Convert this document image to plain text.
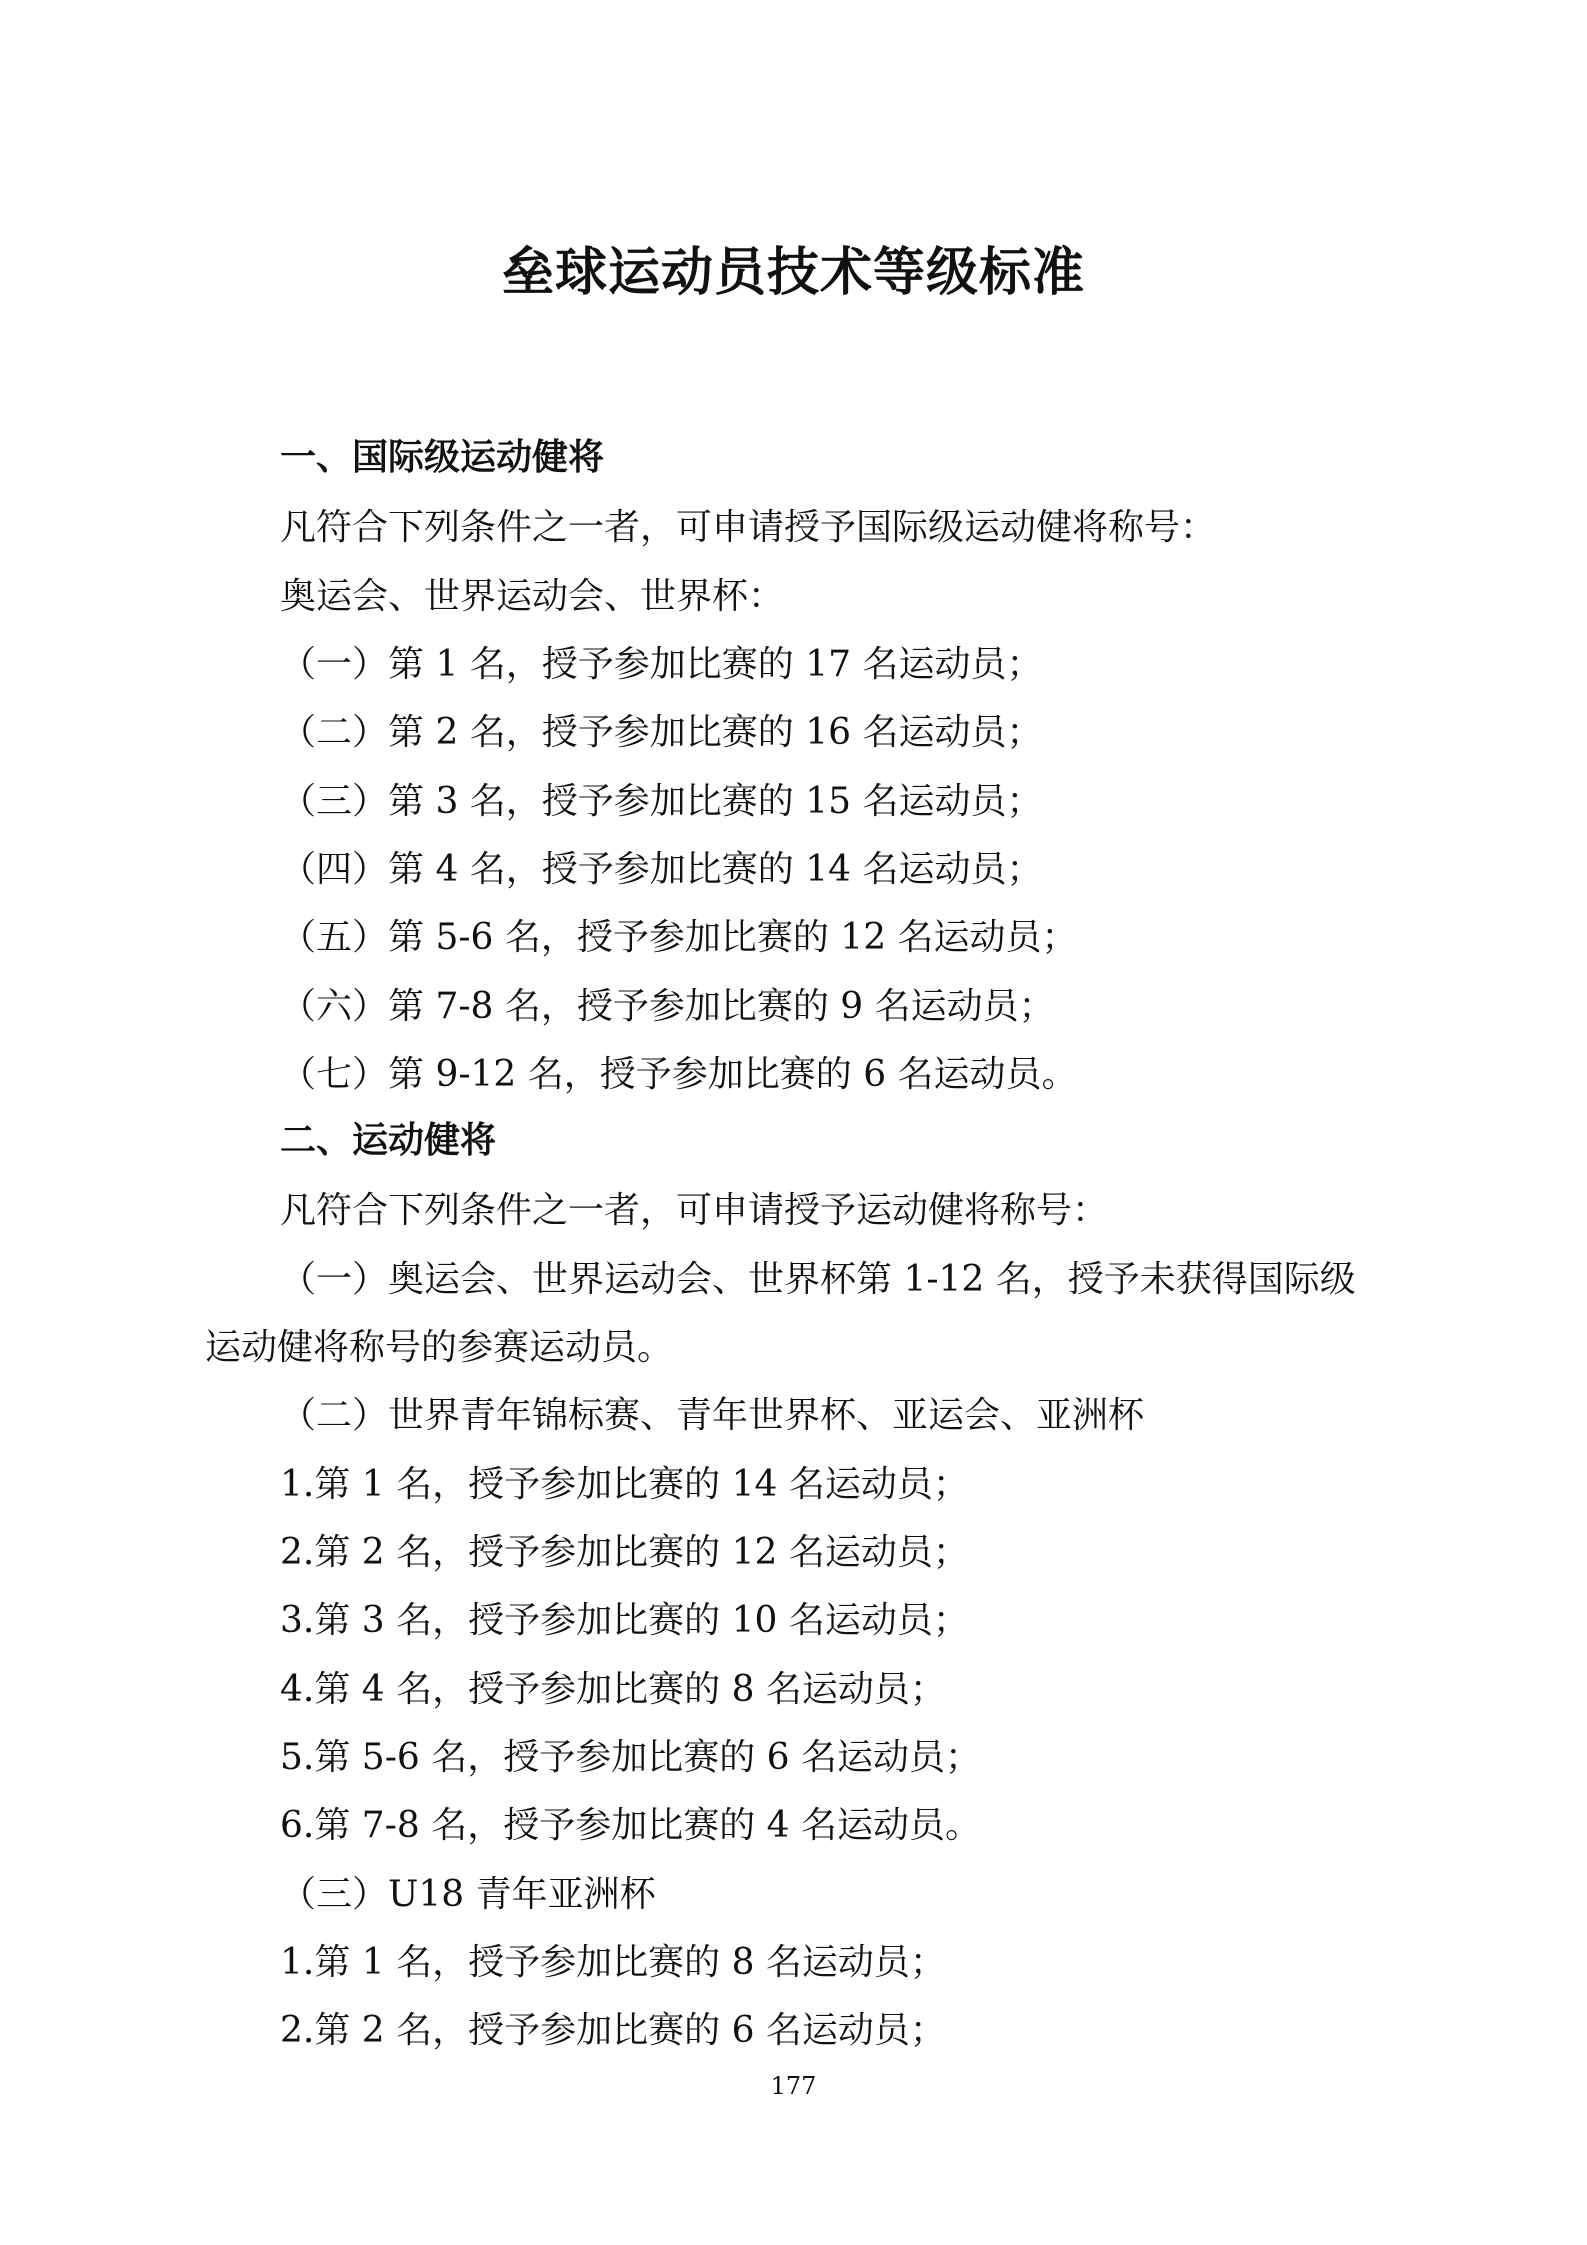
垒球运动员技术等级标准
一、国际级运动健将
凡符合下列条件之一者，可申请授予国际级运动健将称号：
奥运会、世界运动会、世界杯：
（一）第 1 名，授予参加比赛的 17 名运动员；
（二）第 2 名，授予参加比赛的 16 名运动员；
（三）第 3 名，授予参加比赛的 15 名运动员；
（四）第 4 名，授予参加比赛的 14 名运动员；
（五）第 5-6 名，授予参加比赛的 12 名运动员；
（六）第 7-8 名，授予参加比赛的 9 名运动员；
（七）第 9-12 名，授予参加比赛的 6 名运动员。
二、运动健将
凡符合下列条件之一者，可申请授予运动健将称号：
（一）奥运会、世界运动会、世界杯第 1-12 名，授予未获得国际级
运动健将称号的参赛运动员。
（二）世界青年锦标赛、青年世界杯、亚运会、亚洲杯
1.第 1 名，授予参加比赛的 14 名运动员；
2.第 2 名，授予参加比赛的 12 名运动员；
3.第 3 名，授予参加比赛的 10 名运动员；
4.第 4 名，授予参加比赛的 8 名运动员；
5.第 5-6 名，授予参加比赛的 6 名运动员；
6.第 7-8 名，授予参加比赛的 4 名运动员。
（三）U18 青年亚洲杯
1.第 1 名，授予参加比赛的 8 名运动员；
2.第 2 名，授予参加比赛的 6 名运动员；
177
